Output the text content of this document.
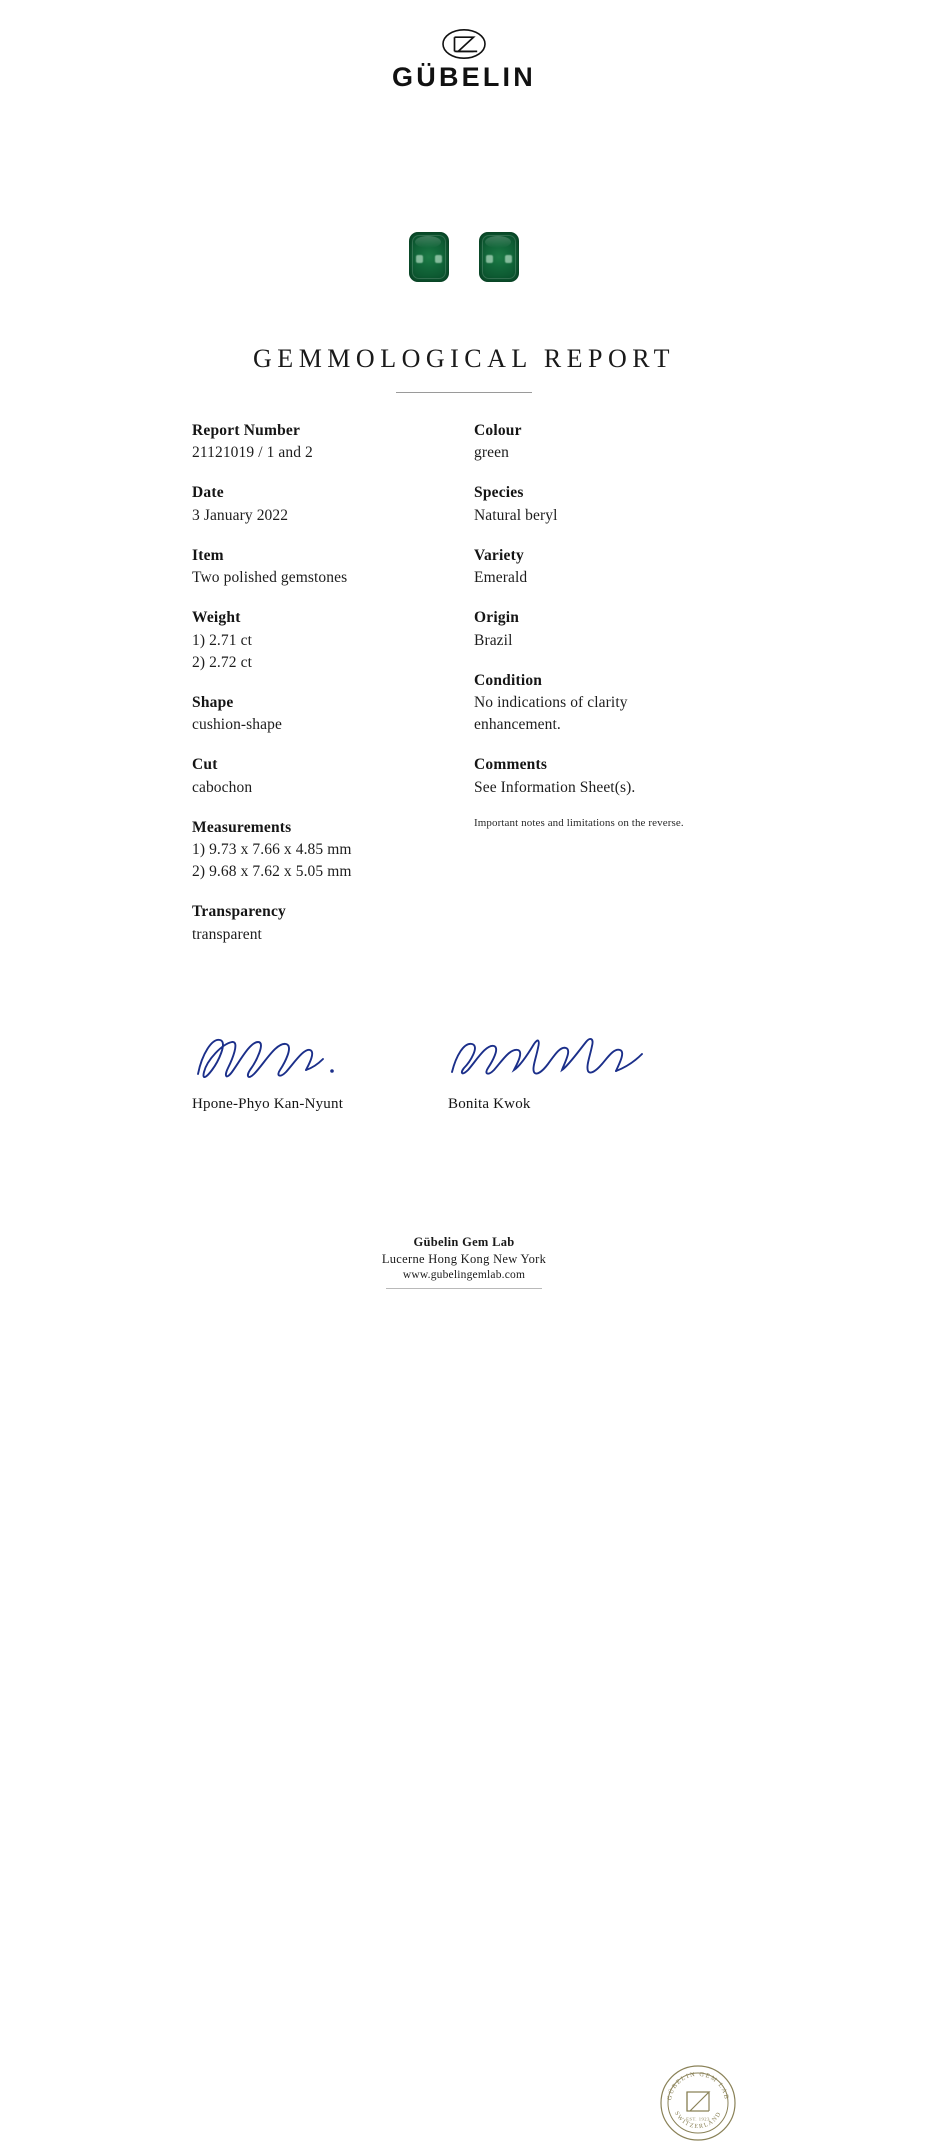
GÜBELIN
GEMMOLOGICAL REPORT
Report Number
21121019 / 1 and 2
Date
3 January 2022
Item
Two polished gemstones
Weight
1) 2.71 ct
2) 2.72 ct
Shape
cushion-shape
Cut
cabochon
Measurements
1) 9.73 x 7.66 x 4.85 mm
2) 9.68 x 7.62 x 5.05 mm
Transparency
transparent
Colour
green
Species
Natural beryl
Variety
Emerald
Origin
Brazil
Condition
No indications of clarity
enhancement.
Comments
See Information Sheet(s).
Important notes and limitations on the reverse.
Hpone-Phyo Kan-Nyunt	Bonita Kwok
GÜBELIN GEM LAB
SWITZERLAND
EST. 1923
Gübelin Gem Lab
Lucerne Hong Kong New York
www.gubelingemlab.com
